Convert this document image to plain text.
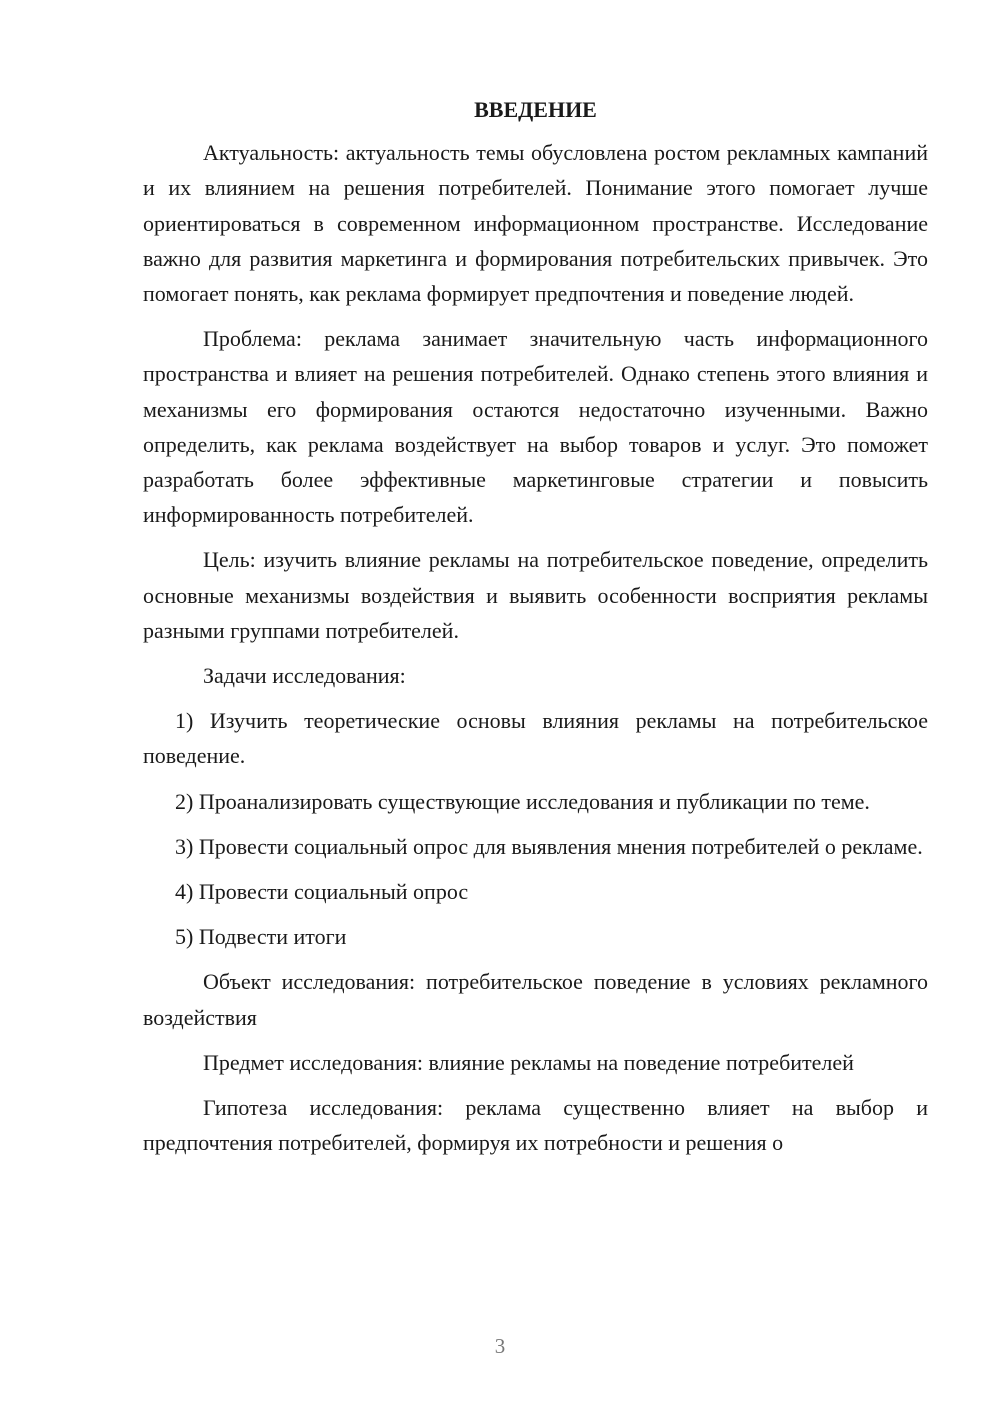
ВВЕДЕНИЕ

Актуальность: актуальность темы обусловлена ростом рекламных кампаний и их влиянием на решения потребителей. Понимание этого помогает лучше ориентироваться в современном информационном пространстве. Исследование важно для развития маркетинга и формирования потребительских привычек. Это помогает понять, как реклама формирует предпочтения и поведение людей.

Проблема: реклама занимает значительную часть информационного пространства и влияет на решения потребителей. Однако степень этого влияния и механизмы его формирования остаются недостаточно изученными. Важно определить, как реклама воздействует на выбор товаров и услуг. Это поможет разработать более эффективные маркетинговые стратегии и повысить информированность потребителей.

Цель: изучить влияние рекламы на потребительское поведение, определить основные механизмы воздействия и выявить особенности восприятия рекламы разными группами потребителей.

Задачи исследования:

1) Изучить теоретические основы влияния рекламы на потребительское поведение.

2) Проанализировать существующие исследования и публикации по теме.

3) Провести социальный опрос для выявления мнения потребителей о рекламе.

4) Провести социальный опрос

5) Подвести итоги

Объект исследования: потребительское поведение в условиях рекламного воздействия

Предмет исследования: влияние рекламы на поведение потребителей

Гипотеза исследования: реклама существенно влияет на выбор и предпочтения потребителей, формируя их потребности и решения о

3
